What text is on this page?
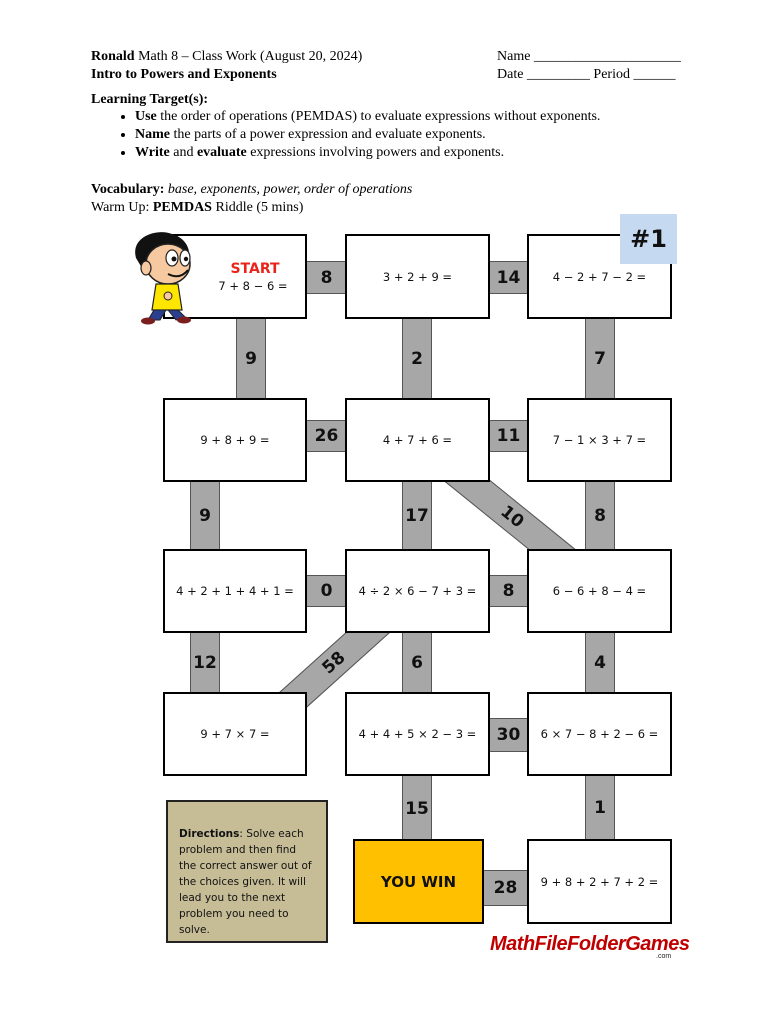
Ronald Math 8 – Class Work (August 20, 2024)
Intro to Powers and Exponents
Name _____________________
Date _________ Period ______
Learning Target(s):
• Use the order of operations (PEMDAS) to evaluate expressions without exponents.
• Name the parts of a power expression and evaluate exponents.
• Write and evaluate expressions involving powers and exponents.
Vocabulary: base, exponents, power, order of operations
Warm Up: PEMDAS Riddle (5 mins)
9	2	7
9	17	8
12	6	4
15	1
8	14
26	11
0	8
30
28
10
58
START
7 + 8 − 6 =
3 + 2 + 9 =	4 − 2 + 7 − 2 =
9 + 8 + 9 =	4 + 7 + 6 =	7 − 1 × 3 + 7 =
4 + 2 + 1 + 4 + 1 =	4 ÷ 2 × 6 − 7 + 3 =	6 − 6 + 8 − 4 =
9 + 7 × 7 =	4 + 4 + 5 × 2 − 3 =	6 × 7 − 8 + 2 − 6 =
YOU WIN	9 + 8 + 2 + 7 + 2 =
#1
Directions: Solve each problem and then find the correct answer out of the choices given. It will lead you to the next problem you need to solve.
MathFileFolderGames
.com
